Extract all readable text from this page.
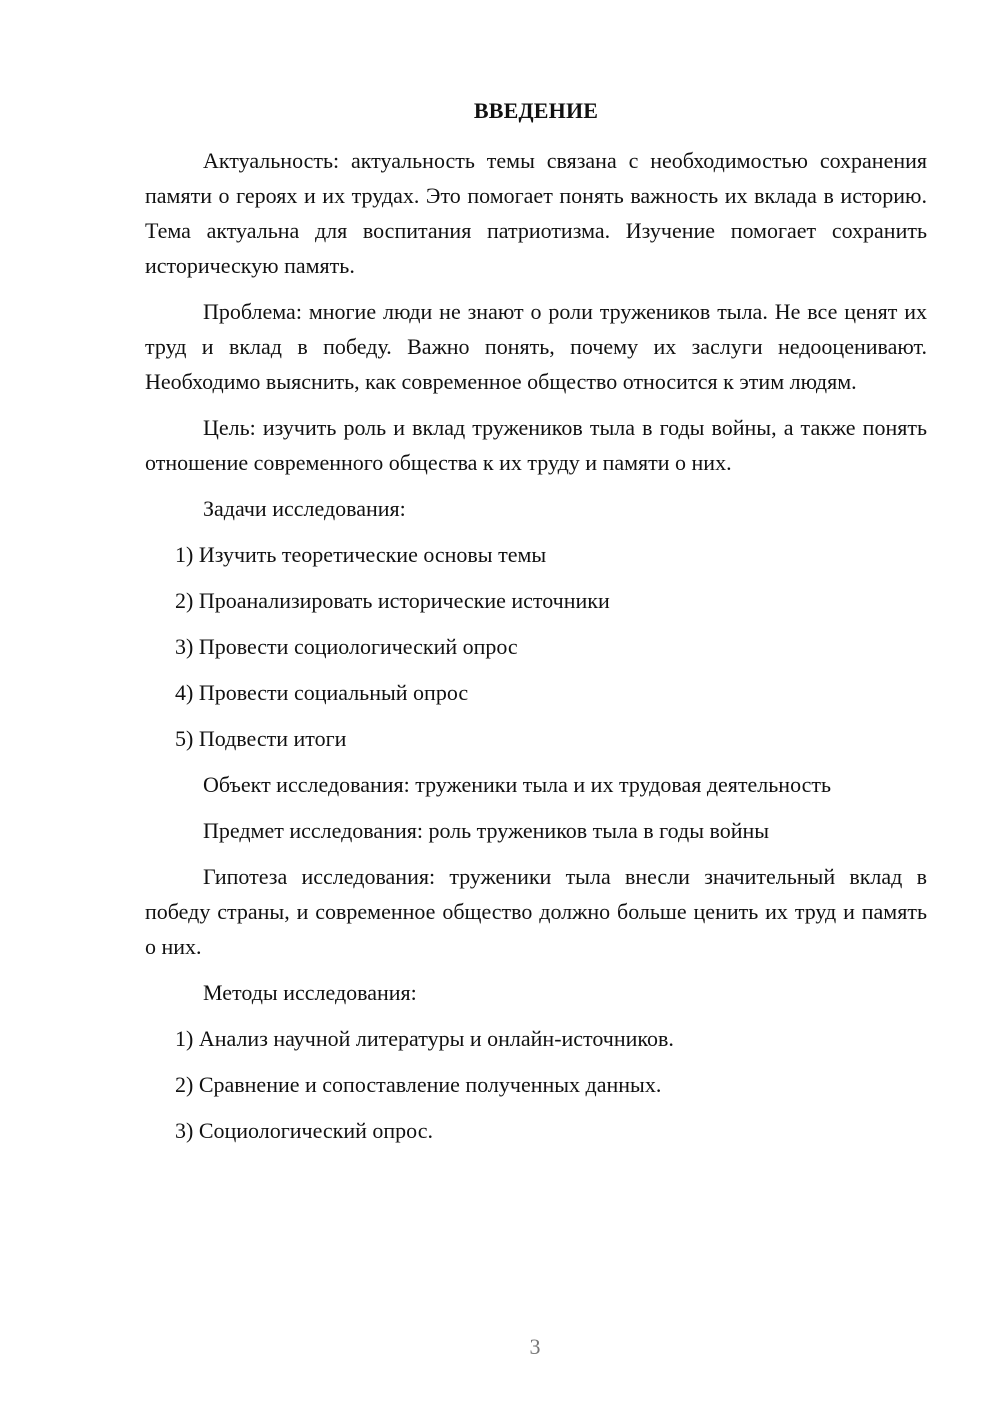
ВВЕДЕНИЕ

Актуальность: актуальность темы связана с необходимостью сохранения памяти о героях и их трудах. Это помогает понять важность их вклада в историю. Тема актуальна для воспитания патриотизма. Изучение помогает сохранить историческую память.

Проблема: многие люди не знают о роли тружеников тыла. Не все ценят их труд и вклад в победу. Важно понять, почему их заслуги недооценивают. Необходимо выяснить, как современное общество относится к этим людям.

Цель: изучить роль и вклад тружеников тыла в годы войны, а также понять отношение современного общества к их труду и памяти о них.

Задачи исследования:

1) Изучить теоретические основы темы
2) Проанализировать исторические источники
3) Провести социологический опрос
4) Провести социальный опрос
5) Подвести итоги

Объект исследования: труженики тыла и их трудовая деятельность

Предмет исследования: роль тружеников тыла в годы войны

Гипотеза исследования: труженики тыла внесли значительный вклад в победу страны, и современное общество должно больше ценить их труд и память о них.

Методы исследования:

1) Анализ научной литературы и онлайн-источников.
2) Сравнение и сопоставление полученных данных.
3) Социологический опрос.
3
